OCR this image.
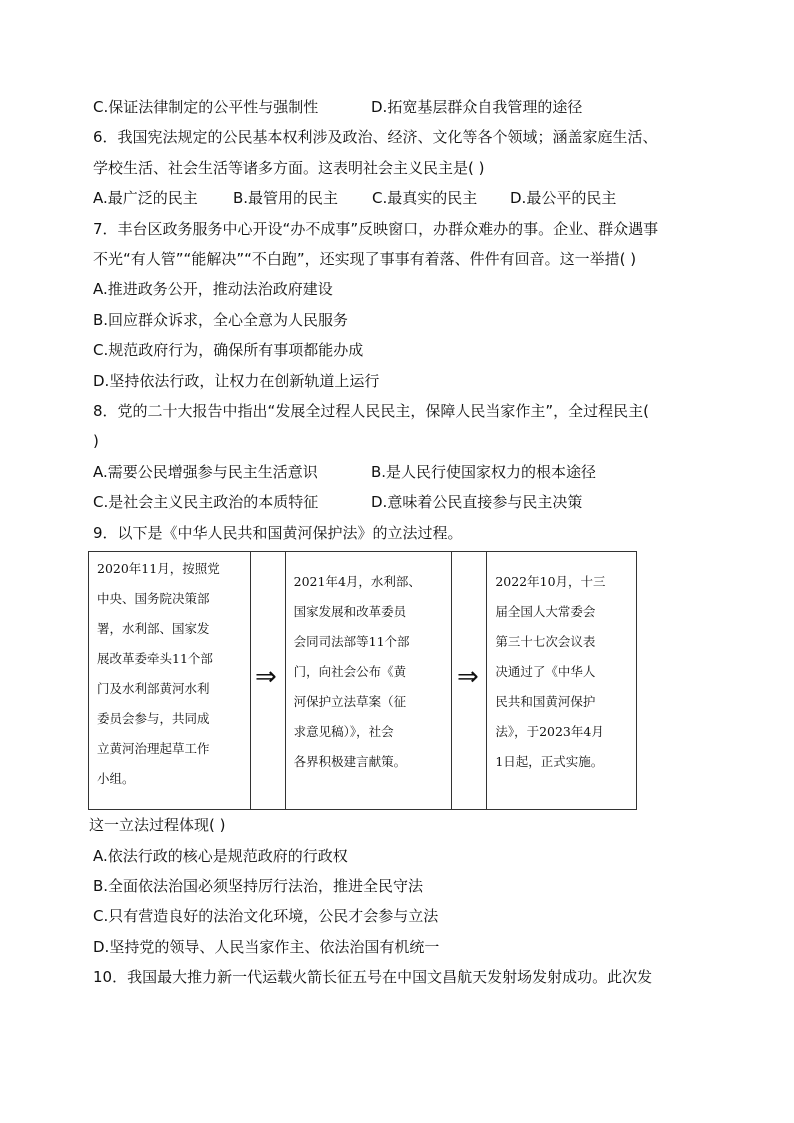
C.保证法律制定的公平性与强制性	D.拓宽基层群众自我管理的途径
6．我国宪法规定的公民基本权利涉及政治、经济、文化等各个领域；涵盖家庭生活、
学校生活、社会生活等诸多方面。这表明社会主义民主是( )
A.最广泛的民主	B.最管用的民主	C.最真实的民主	D.最公平的民主
7．丰台区政务服务中心开设“办不成事”反映窗口，办群众难办的事。企业、群众遇事
不光“有人管”“能解决”“不白跑”，还实现了事事有着落、件件有回音。这一举措( )
A.推进政务公开，推动法治政府建设
B.回应群众诉求，全心全意为人民服务
C.规范政府行为，确保所有事项都能办成
D.坚持依法行政，让权力在创新轨道上运行
8．党的二十大报告中指出“发展全过程人民民主，保障人民当家作主”，全过程民主(
)
A.需要公民增强参与民主生活意识	B.是人民行使国家权力的根本途径
C.是社会主义民主政治的本质特征	D.意味着公民直接参与民主决策
9．以下是《中华人民共和国黄河保护法》的立法过程。
2020年11月，按照党
中央、国务院决策部
署，水利部、国家发
展改革委牵头11个部
门及水利部黄河水利
委员会参与，共同成
立黄河治理起草工作
小组。
⇒
2021年4月，水利部、
国家发展和改革委员
会同司法部等11个部
门，向社会公布《黄
河保护立法草案（征
求意见稿）》，社会
各界积极建言献策。
⇒
2022年10月，十三
届全国人大常委会
第三十七次会议表
决通过了《中华人
民共和国黄河保护
法》，于2023年4月
1日起，正式实施。
这一立法过程体现( )
A.依法行政的核心是规范政府的行政权
B.全面依法治国必须坚持厉行法治，推进全民守法
C.只有营造良好的法治文化环境，公民才会参与立法
D.坚持党的领导、人民当家作主、依法治国有机统一
10．我国最大推力新一代运载火箭长征五号在中国文昌航天发射场发射成功。此次发
